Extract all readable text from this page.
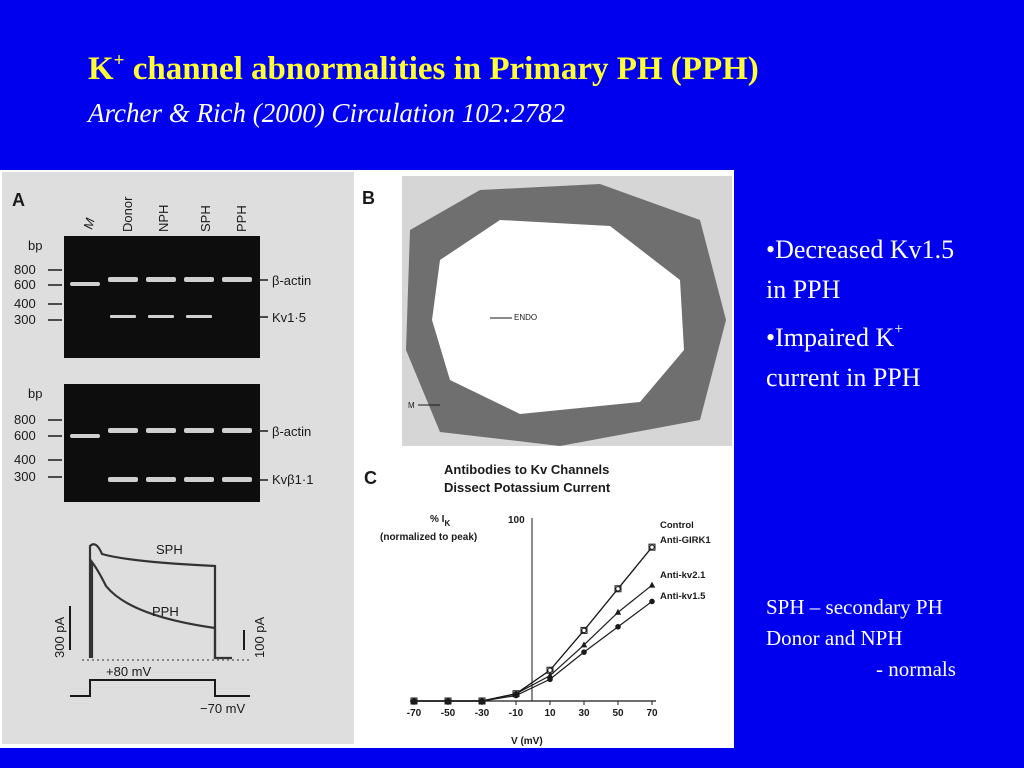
K+ channel abnormalities in Primary PH (PPH)
Archer & Rich (2000) Circulation 102:2782
A
M Donor NPH SPH PPH
bp
800
600
400
300
β-actin
Kv1·5
bp
800
600
400
300
β-actin
Kvβ1·1
SPH
PPH
300 pA	100 pA
+80 mV
−70 mV
B
ENDO
M
C	Antibodies to Kv Channels
Dissect Potassium Current
% $I_K$
(normalized to peak)
100
V (mV)
-70 -50 -30 -10 10 30 50 70
Control
Anti-GIRK1
Anti-kv2.1
Anti-kv1.5
•Decreased Kv1.5
in PPH
•Impaired K+
current in PPH
SPH – secondary PH
Donor and NPH
- normals
